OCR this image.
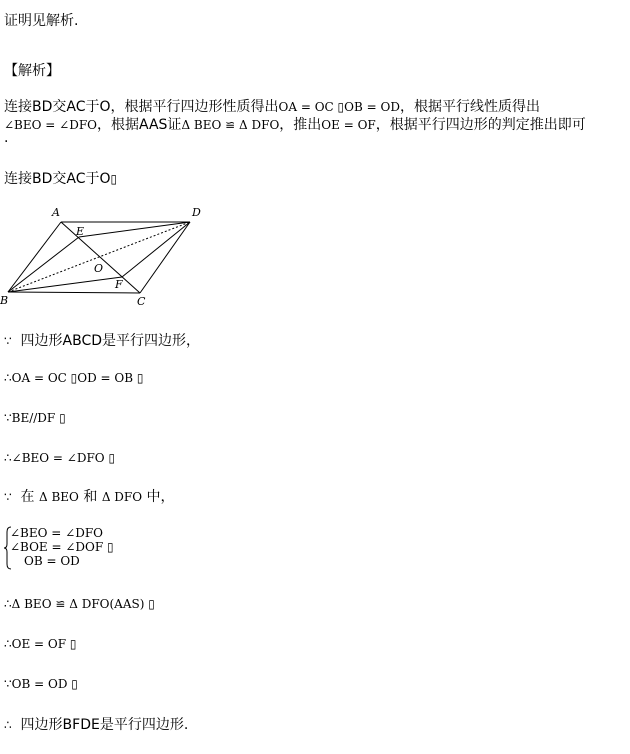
证明见解析.
【解析】
连接BD交AC于O，根据平行四边形性质得出OA = OC ▯OB = OD，根据平行线性质得出
∠BEO = ∠DFO，根据AAS证Δ BEO ≌ Δ DFO，推出OE = OF，根据平行四边形的判定推出即可
.
连接BD交AC于O▯
A	D
E
O
F
B	C
∵ 四边形ABCD是平行四边形，
∴OA = OC ▯OD = OB ▯
∵BE//DF ▯
∴∠BEO = ∠DFO ▯
∵ 在 Δ BEO 和 Δ DFO 中，
∠BEO = ∠DFO
∠BOE = ∠DOF ▯
OB = OD
∴Δ BEO ≌ Δ DFO(AAS) ▯
∴OE = OF ▯
∵OB = OD ▯
∴ 四边形BFDE是平行四边形.
